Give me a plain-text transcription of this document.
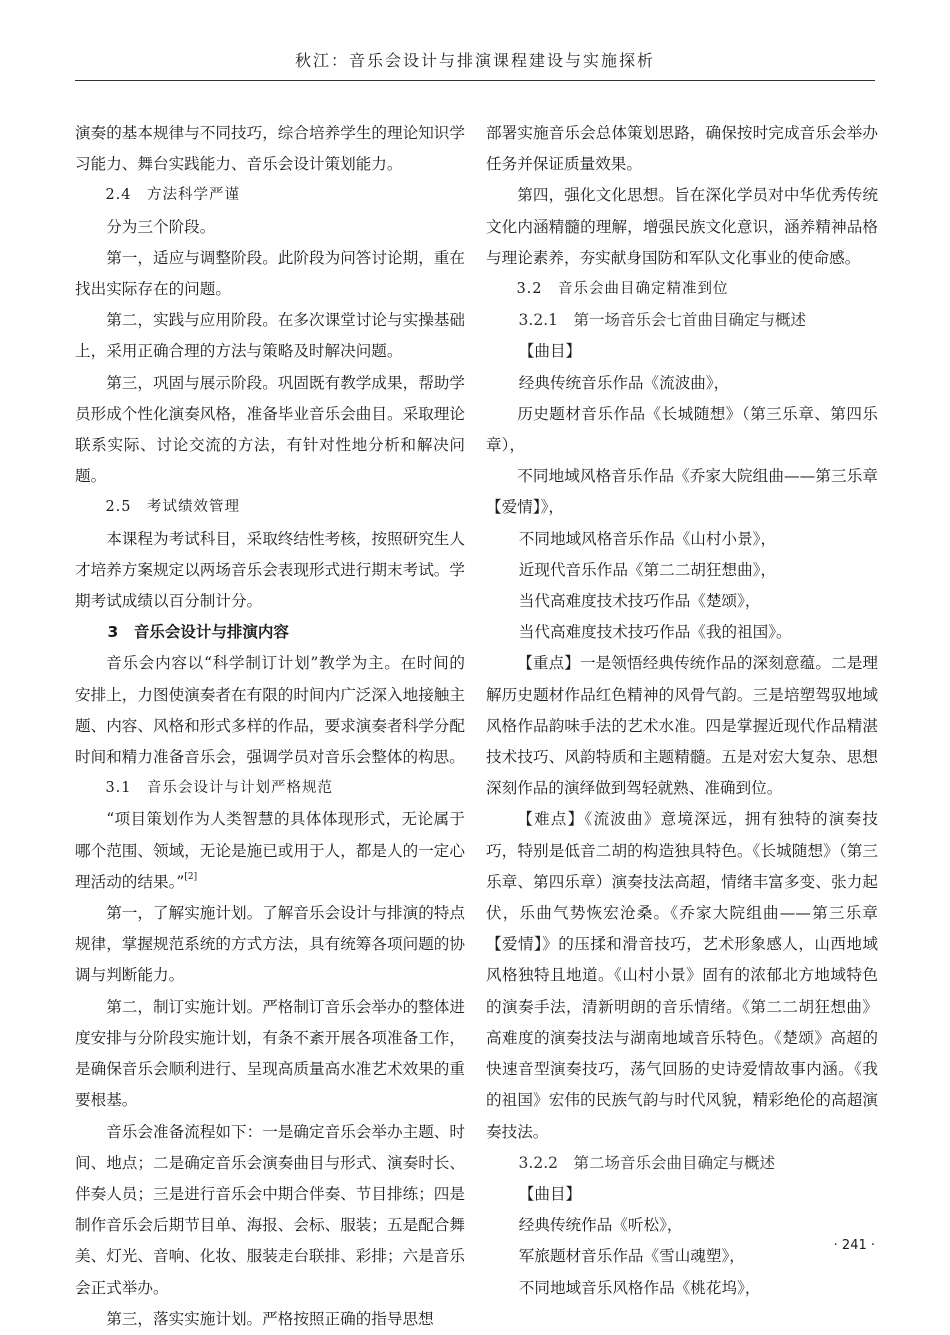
秋江：音乐会设计与排演课程建设与实施探析

演奏的基本规律与不同技巧，综合培养学生的理论知识学习能力、舞台实践能力、音乐会设计策划能力。

2.4　方法科学严谨

分为三个阶段。

第一，适应与调整阶段。此阶段为问答讨论期，重在找出实际存在的问题。

第二，实践与应用阶段。在多次课堂讨论与实操基础上，采用正确合理的方法与策略及时解决问题。

第三，巩固与展示阶段。巩固既有教学成果，帮助学员形成个性化演奏风格，准备毕业音乐会曲目。采取理论联系实际、讨论交流的方法，有针对性地分析和解决问题。

2.5　考试绩效管理

本课程为考试科目，采取终结性考核，按照研究生人才培养方案规定以两场音乐会表现形式进行期末考试。学期考试成绩以百分制计分。

3　音乐会设计与排演内容

音乐会内容以“科学制订计划”教学为主。在时间的安排上，力图使演奏者在有限的时间内广泛深入地接触主题、内容、风格和形式多样的作品，要求演奏者科学分配时间和精力准备音乐会，强调学员对音乐会整体的构思。

3.1　音乐会设计与计划严格规范

“项目策划作为人类智慧的具体体现形式，无论属于哪个范围、领域，无论是施已或用于人，都是人的一定心理活动的结果。”[2]

第一，了解实施计划。了解音乐会设计与排演的特点规律，掌握规范系统的方式方法，具有统筹各项问题的协调与判断能力。

第二，制订实施计划。严格制订音乐会举办的整体进度安排与分阶段实施计划，有条不紊开展各项准备工作，是确保音乐会顺利进行、呈现高质量高水准艺术效果的重要根基。

音乐会准备流程如下：一是确定音乐会举办主题、时间、地点；二是确定音乐会演奏曲目与形式、演奏时长、伴奏人员；三是进行音乐会中期合伴奏、节目排练；四是制作音乐会后期节目单、海报、会标、服装；五是配合舞美、灯光、音响、化妆、服装走台联排、彩排；六是音乐会正式举办。

第三，落实实施计划。严格按照正确的指导思想

部署实施音乐会总体策划思路，确保按时完成音乐会举办任务并保证质量效果。

第四，强化文化思想。旨在深化学员对中华优秀传统文化内涵精髓的理解，增强民族文化意识，涵养精神品格与理论素养，夯实献身国防和军队文化事业的使命感。

3.2　音乐会曲目确定精准到位
3.2.1　第一场音乐会七首曲目确定与概述

【曲目】

经典传统音乐作品《流波曲》，

历史题材音乐作品《长城随想》（第三乐章、第四乐章），

不同地域风格音乐作品《乔家大院组曲——第三乐章【爱情】》，

不同地域风格音乐作品《山村小景》，

近现代音乐作品《第二二胡狂想曲》，

当代高难度技术技巧作品《楚颂》，

当代高难度技术技巧作品《我的祖国》。

【重点】一是领悟经典传统作品的深刻意蕴。二是理解历史题材作品红色精神的风骨气韵。三是培塑驾驭地域风格作品韵味手法的艺术水准。四是掌握近现代作品精湛技术技巧、风韵特质和主题精髓。五是对宏大复杂、思想深刻作品的演绎做到驾轻就熟、准确到位。

【难点】《流波曲》意境深远，拥有独特的演奏技巧，特别是低音二胡的构造独具特色。《长城随想》（第三乐章、第四乐章）演奏技法高超，情绪丰富多变、张力起伏，乐曲气势恢宏沧桑。《乔家大院组曲——第三乐章【爱情】》的压揉和滑音技巧，艺术形象感人，山西地域风格独特且地道。《山村小景》固有的浓郁北方地域特色的演奏手法，清新明朗的音乐情绪。《第二二胡狂想曲》高难度的演奏技法与湖南地域音乐特色。《楚颂》高超的快速音型演奏技巧，荡气回肠的史诗爱情故事内涵。《我的祖国》宏伟的民族气韵与时代风貌，精彩绝伦的高超演奏技法。

3.2.2　第二场音乐会曲目确定与概述

【曲目】

经典传统作品《听松》，

军旅题材音乐作品《雪山魂塑》，

不同地域音乐风格作品《桃花坞》，

· 241 ·
